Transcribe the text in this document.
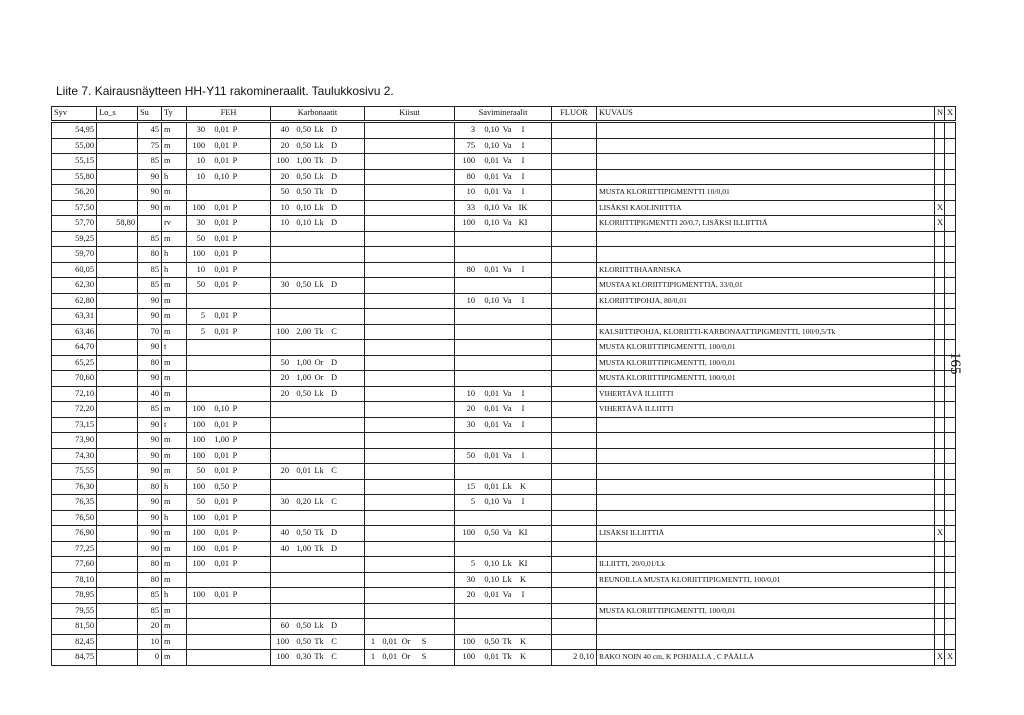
Liite 7. Kairausnäytteen HH-Y11 rakomineraalit. Taulukkosivu 2.
Syv	Lo_s	Su	Ty	FEH	Karbonaatit	Kiisut	Savimineraalit	FLUOR	KUVAUS	N	X
54,95		45	m	30 0,01 P	40 0,50 Lk D		3 0,10 Va I				
55,00		75	m	100 0,01 P	20 0,50 Lk D		75 0,10 Va I				
55,15		85	m	10 0,01 P	100 1,00 Tk D		100 0,01 Va I				
55,80		90	h	10 0,10 P	20 0,50 Lk D		80 0,01 Va I				
56,20		90	m		50 0,50 Tk D		10 0,01 Va I		MUSTA KLORIITTIPIGMENTTI 10/0,01		
57,50		90	m	100 0,01 P	10 0,10 Lk D		33 0,10 Va IK		LISÄKSI KAOLINIITTIA	X	
57,70	58,80		rv	30 0,01 P	10 0,10 Lk D		100 0,10 Va KI		KLORIITTIPIGMENTTI 20/0,7, LISÄKSI ILLIITTIÄ	X	
59,25		85	m	50 0,01 P							
59,70		80	h	100 0,01 P							
60,05		85	h	10 0,01 P			80 0,01 Va I		KLORIITTIHAARNISKA		
62,30		85	m	50 0,01 P	30 0,50 Lk D				MUSTAA KLORIITTIPIGMENTTIÄ, 33/0,01		
62,80		90	m				10 0,10 Va I		KLORIITTIPOHJA, 80/0,01		
63,31		90	m	5 0,01 P							
63,46		70	m	5 0,01 P	100 2,00 Tk C				KALSIITTIPOHJA, KLORIITTI-KARBONAATTIPIGMENTTI, 100/0,5/Tk		
64,70		90	t						MUSTA KLORIITTIPIGMENTTI, 100/0,01		
65,25		80	m		50 1,00 Or D				MUSTA KLORIITTIPIGMENTTI, 100/0,01		
70,60		90	m		20 1,00 Or D				MUSTA KLORIITTIPIGMENTTI, 100/0,01		
72,10		40	m		20 0,50 Lk D		10 0,01 Va I		VIHERTÄVÄ ILLIITTI		
72,20		85	m	100 0,10 P			20 0,01 Va I		VIHERTÄVÄ ILLIITTI		
73,15		90	t	100 0,01 P			30 0,01 Va I				
73,90		90	m	100 1,00 P							
74,30		90	m	100 0,01 P			50 0,01 Va I				
75,55		90	m	50 0,01 P	20 0,01 Lk C						
76,30		80	h	100 0,50 P			15 0,01 Lk K				
76,35		90	m	50 0,01 P	30 0,20 Lk C		5 0,10 Va I				
76,50		90	h	100 0,01 P							
76,90		90	m	100 0,01 P	40 0,50 Tk D		100 0,50 Va KI		LISÄKSI ILLIITTIÄ	X	
77,25		90	m	100 0,01 P	40 1,00 Tk D						
77,60		80	m	100 0,01 P			5 0,10 Lk KI		ILLIITTI, 20/0,01/Lk		
78,10		80	m				30 0,10 Lk K		REUNOILLA MUSTA KLORIITTIPIGMENTTI, 100/0,01		
78,95		85	h	100 0,01 P			20 0,01 Va I				
79,55		85	m						MUSTA KLORIITTIPIGMENTTI, 100/0,01		
81,50		20	m		60 0,50 Lk D						
82,45		10	m		100 0,50 Tk C	1 0,01 Or S	100 0,50 Tk K				
84,75		0	m		100 0,30 Tk C	1 0,01 Or S	100 0,01 Tk K	2 0,10	RAKO NOIN 40 cm, K POHJALLA , C PÄÄLLÄ	X	X
165
